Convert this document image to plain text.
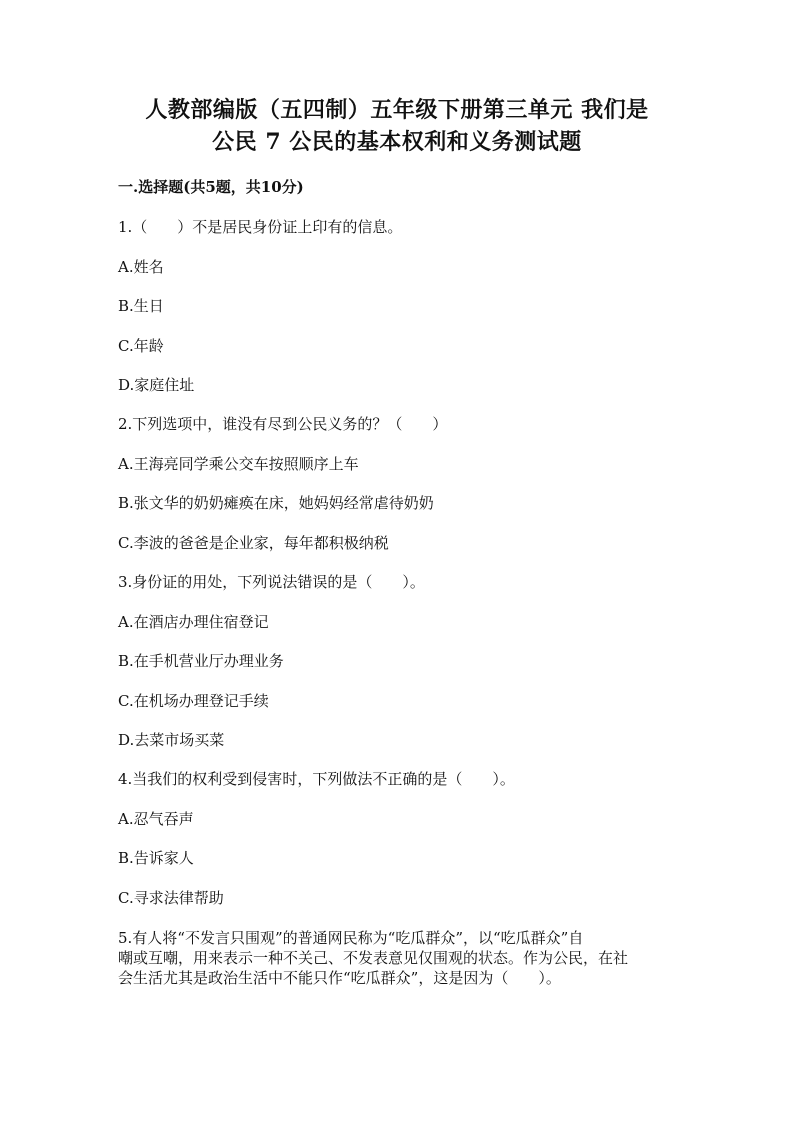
人教部编版（五四制）五年级下册第三单元 我们是
公民 7 公民的基本权利和义务测试题
一.选择题(共5题，共10分)
1.（　　）不是居民身份证上印有的信息。
A.姓名
B.生日
C.年龄
D.家庭住址
2.下列选项中，谁没有尽到公民义务的？（　　）
A.王海亮同学乘公交车按照顺序上车
B.张文华的奶奶瘫痪在床，她妈妈经常虐待奶奶
C.李波的爸爸是企业家，每年都积极纳税
3.身份证的用处，下列说法错误的是（　　）。
A.在酒店办理住宿登记
B.在手机营业厅办理业务
C.在机场办理登记手续
D.去菜市场买菜
4.当我们的权利受到侵害时，下列做法不正确的是（　　）。
A.忍气吞声
B.告诉家人
C.寻求法律帮助
5.有人将“不发言只围观”的普通网民称为“吃瓜群众”，以“吃瓜群众”自
嘲或互嘲，用来表示一种不关己、不发表意见仅围观的状态。作为公民，在社
会生活尤其是政治生活中不能只作“吃瓜群众”，这是因为（　　）。
